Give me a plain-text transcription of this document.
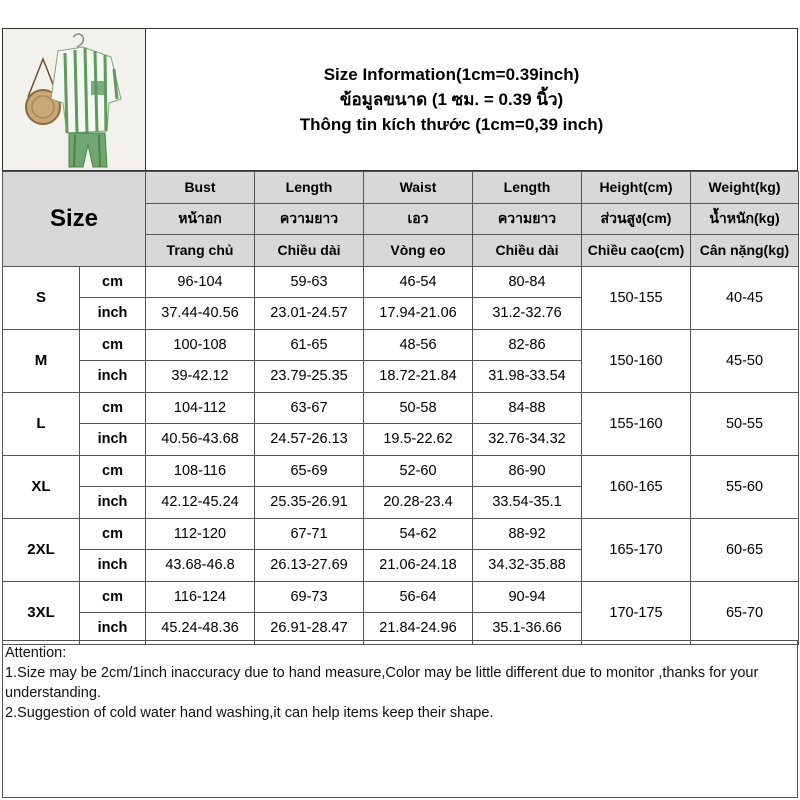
Size Information(1cm=0.39inch)
ข้อมูลขนาด (1 ซม. = 0.39 นิ้ว)
Thông tin kích thước (1cm=0,39 inch)
Size		Bust	Length	Waist	Length	Height(cm)	Weight(kg)
		หน้าอก	ความยาว	เอว	ความยาว	ส่วนสูง(cm)	น้ำหนัก(kg)
		Trang chủ	Chiều dài	Vòng eo	Chiều dài	Chiều cao(cm)	Cân nặng(kg)
S	cm	96-104	59-63	46-54	80-84	150-155	40-45
	inch	37.44-40.56	23.01-24.57	17.94-21.06	31.2-32.76		
M	cm	100-108	61-65	48-56	82-86	150-160	45-50
	inch	39-42.12	23.79-25.35	18.72-21.84	31.98-33.54		
L	cm	104-112	63-67	50-58	84-88	155-160	50-55
	inch	40.56-43.68	24.57-26.13	19.5-22.62	32.76-34.32		
XL	cm	108-116	65-69	52-60	86-90	160-165	55-60
	inch	42.12-45.24	25.35-26.91	20.28-23.4	33.54-35.1		
2XL	cm	112-120	67-71	54-62	88-92	165-170	60-65
	inch	43.68-46.8	26.13-27.69	21.06-24.18	34.32-35.88		
3XL	cm	116-124	69-73	56-64	90-94	170-175	65-70
	inch	45.24-48.36	26.91-28.47	21.84-24.96	35.1-36.66		
Attention:
1.Size may be 2cm/1inch inaccuracy due to hand measure,Color may be little different due to monitor ,thanks for your
understanding.
2.Suggestion of cold water hand washing,it can help items keep their shape.
